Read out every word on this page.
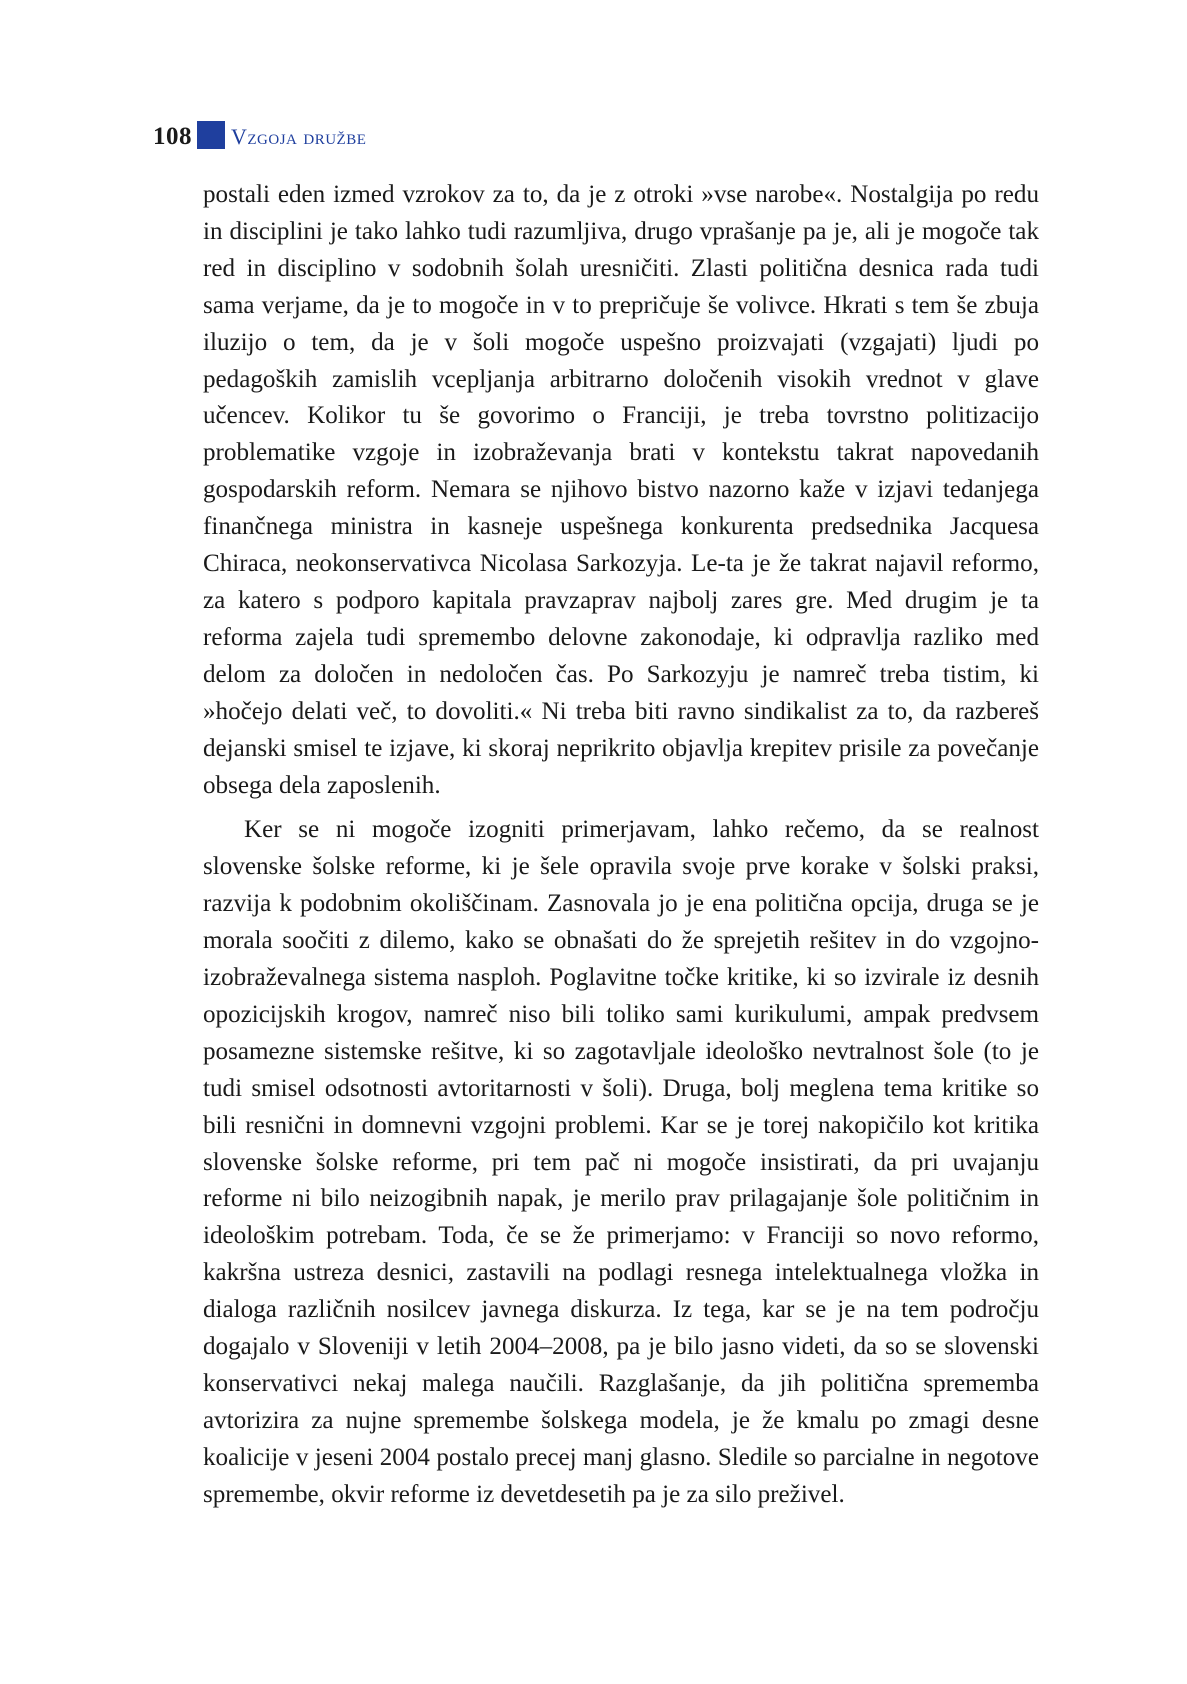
108 Vzgoja družbe

postali eden izmed vzrokov za to, da je z otroki »vse narobe«. Nostalgija po redu in disciplini je tako lahko tudi razumljiva, drugo vprašanje pa je, ali je mogoče tak red in disciplino v sodobnih šolah uresničiti. Zlasti politična desnica rada tudi sama verjame, da je to mogoče in v to prepričuje še volivce. Hkrati s tem še zbuja iluzijo o tem, da je v šoli mogoče uspešno proizvajati (vzgajati) ljudi po pedagoških zamislih vcepljanja arbitrarno določenih visokih vrednot v glave učencev. Kolikor tu še govorimo o Franciji, je treba tovrstno politizacijo problematike vzgoje in izobraževanja brati v kontekstu takrat napovedanih gospodarskih reform. Nemara se njihovo bistvo nazorno kaže v izjavi tedanjega finančnega ministra in kasneje uspešnega konkurenta predsednika Jacquesa Chiraca, neokonservativca Nicolasa Sarkozyja. Le-ta je že takrat najavil reformo, za katero s podporo kapitala pravzaprav najbolj zares gre. Med drugim je ta reforma zajela tudi spremembo delovne zakonodaje, ki odpravlja razliko med delom za določen in nedoločen čas. Po Sarkozyju je namreč treba tistim, ki »hočejo delati več, to dovoliti.« Ni treba biti ravno sindikalist za to, da razbereš dejanski smisel te izjave, ki skoraj neprikrito objavlja krepitev prisile za povečanje obsega dela zaposlenih.

Ker se ni mogoče izogniti primerjavam, lahko rečemo, da se realnost slovenske šolske reforme, ki je šele opravila svoje prve korake v šolski praksi, razvija k podobnim okoliščinam. Zasnovala jo je ena politična opcija, druga se je morala soočiti z dilemo, kako se obnašati do že sprejetih rešitev in do vzgojno-izobraževalnega sistema nasploh. Poglavitne točke kritike, ki so izvirale iz desnih opozicijskih krogov, namreč niso bili toliko sami kurikulumi, ampak predvsem posamezne sistemske rešitve, ki so zagotavljale ideološko nevtralnost šole (to je tudi smisel odsotnosti avtoritarnosti v šoli). Druga, bolj meglena tema kritike so bili resnični in domnevni vzgojni problemi. Kar se je torej nakopičilo kot kritika slovenske šolske reforme, pri tem pač ni mogoče insistirati, da pri uvajanju reforme ni bilo neizogibnih napak, je merilo prav prilagajanje šole političnim in ideološkim potrebam. Toda, če se že primerjamo: v Franciji so novo reformo, kakršna ustreza desnici, zastavili na podlagi resnega intelektualnega vložka in dialoga različnih nosilcev javnega diskurza. Iz tega, kar se je na tem področju dogajalo v Sloveniji v letih 2004–2008, pa je bilo jasno videti, da so se slovenski konservativci nekaj malega naučili. Razglašanje, da jih politična sprememba avtorizira za nujne spremembe šolskega modela, je že kmalu po zmagi desne koalicije v jeseni 2004 postalo precej manj glasno. Sledile so parcialne in negotove spremembe, okvir reforme iz devetdesetih pa je za silo preživel.
